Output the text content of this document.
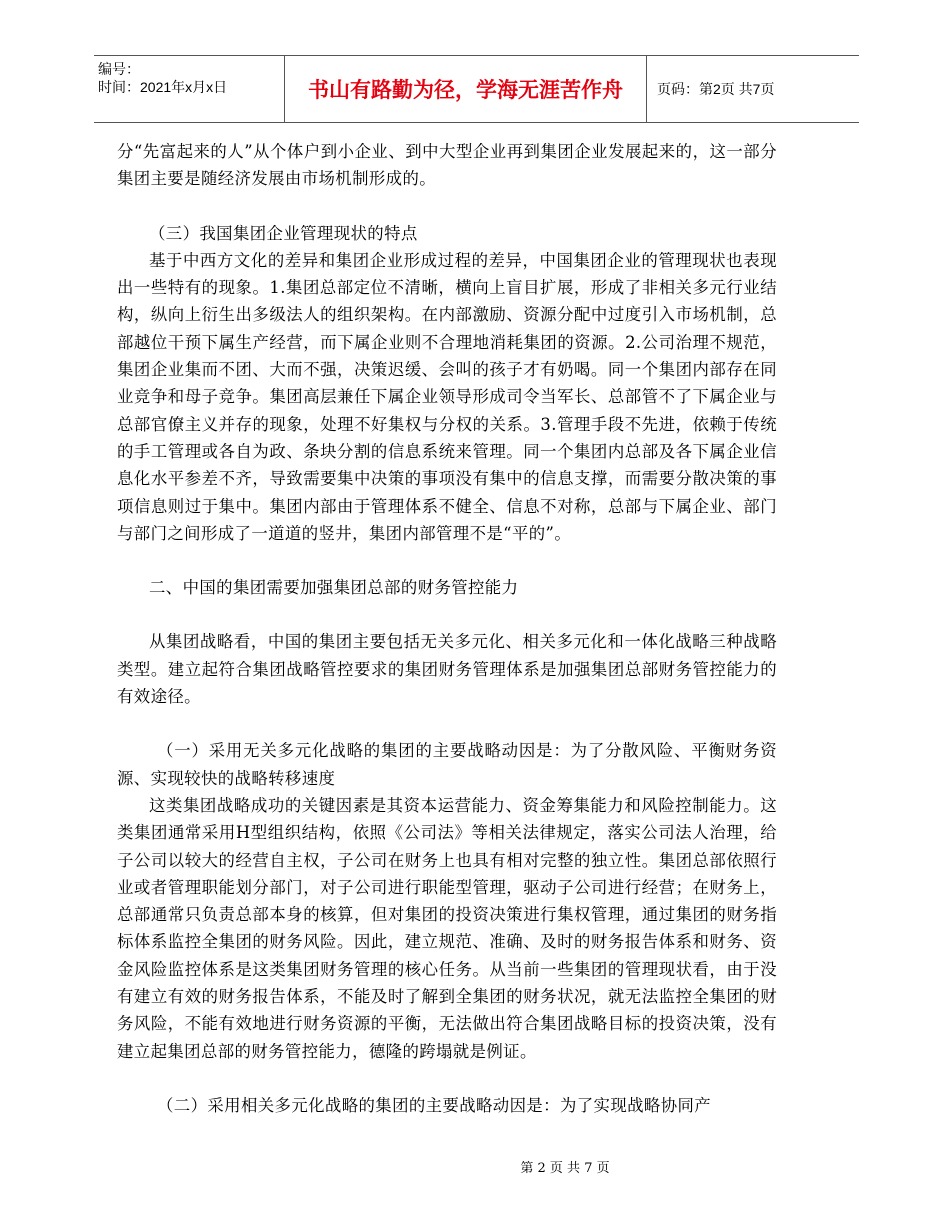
编号：
时间：2021年x月x日	书山有路勤为径，学海无涯苦作舟	页码：第2页 共7页

分“先富起来的人”从个体户到小企业、到中大型企业再到集团企业发展起来的，这一部分集团主要是随经济发展由市场机制形成的。

（三）我国集团企业管理现状的特点

基于中西方文化的差异和集团企业形成过程的差异，中国集团企业的管理现状也表现出一些特有的现象。1.集团总部定位不清晰，横向上盲目扩展，形成了非相关多元行业结构，纵向上衍生出多级法人的组织架构。在内部激励、资源分配中过度引入市场机制，总部越位干预下属生产经营，而下属企业则不合理地消耗集团的资源。2.公司治理不规范，集团企业集而不团、大而不强，决策迟缓、会叫的孩子才有奶喝。同一个集团内部存在同业竞争和母子竞争。集团高层兼任下属企业领导形成司令当军长、总部管不了下属企业与总部官僚主义并存的现象，处理不好集权与分权的关系。3.管理手段不先进，依赖于传统的手工管理或各自为政、条块分割的信息系统来管理。同一个集团内总部及各下属企业信息化水平参差不齐，导致需要集中决策的事项没有集中的信息支撑，而需要分散决策的事项信息则过于集中。集团内部由于管理体系不健全、信息不对称，总部与下属企业、部门与部门之间形成了一道道的竖井，集团内部管理不是“平的”。

二、中国的集团需要加强集团总部的财务管控能力

从集团战略看，中国的集团主要包括无关多元化、相关多元化和一体化战略三种战略类型。建立起符合集团战略管控要求的集团财务管理体系是加强集团总部财务管控能力的有效途径。

（一）采用无关多元化战略的集团的主要战略动因是：为了分散风险、平衡财务资源、实现较快的战略转移速度

这类集团战略成功的关键因素是其资本运营能力、资金筹集能力和风险控制能力。这类集团通常采用H型组织结构，依照《公司法》等相关法律规定，落实公司法人治理，给子公司以较大的经营自主权，子公司在财务上也具有相对完整的独立性。集团总部依照行业或者管理职能划分部门，对子公司进行职能型管理，驱动子公司进行经营；在财务上，总部通常只负责总部本身的核算，但对集团的投资决策进行集权管理，通过集团的财务指标体系监控全集团的财务风险。因此，建立规范、准确、及时的财务报告体系和财务、资金风险监控体系是这类集团财务管理的核心任务。从当前一些集团的管理现状看，由于没有建立有效的财务报告体系，不能及时了解到全集团的财务状况，就无法监控全集团的财务风险，不能有效地进行财务资源的平衡，无法做出符合集团战略目标的投资决策，没有建立起集团总部的财务管控能力，德隆的跨塌就是例证。

（二）采用相关多元化战略的集团的主要战略动因是：为了实现战略协同产

第 2 页 共 7 页
